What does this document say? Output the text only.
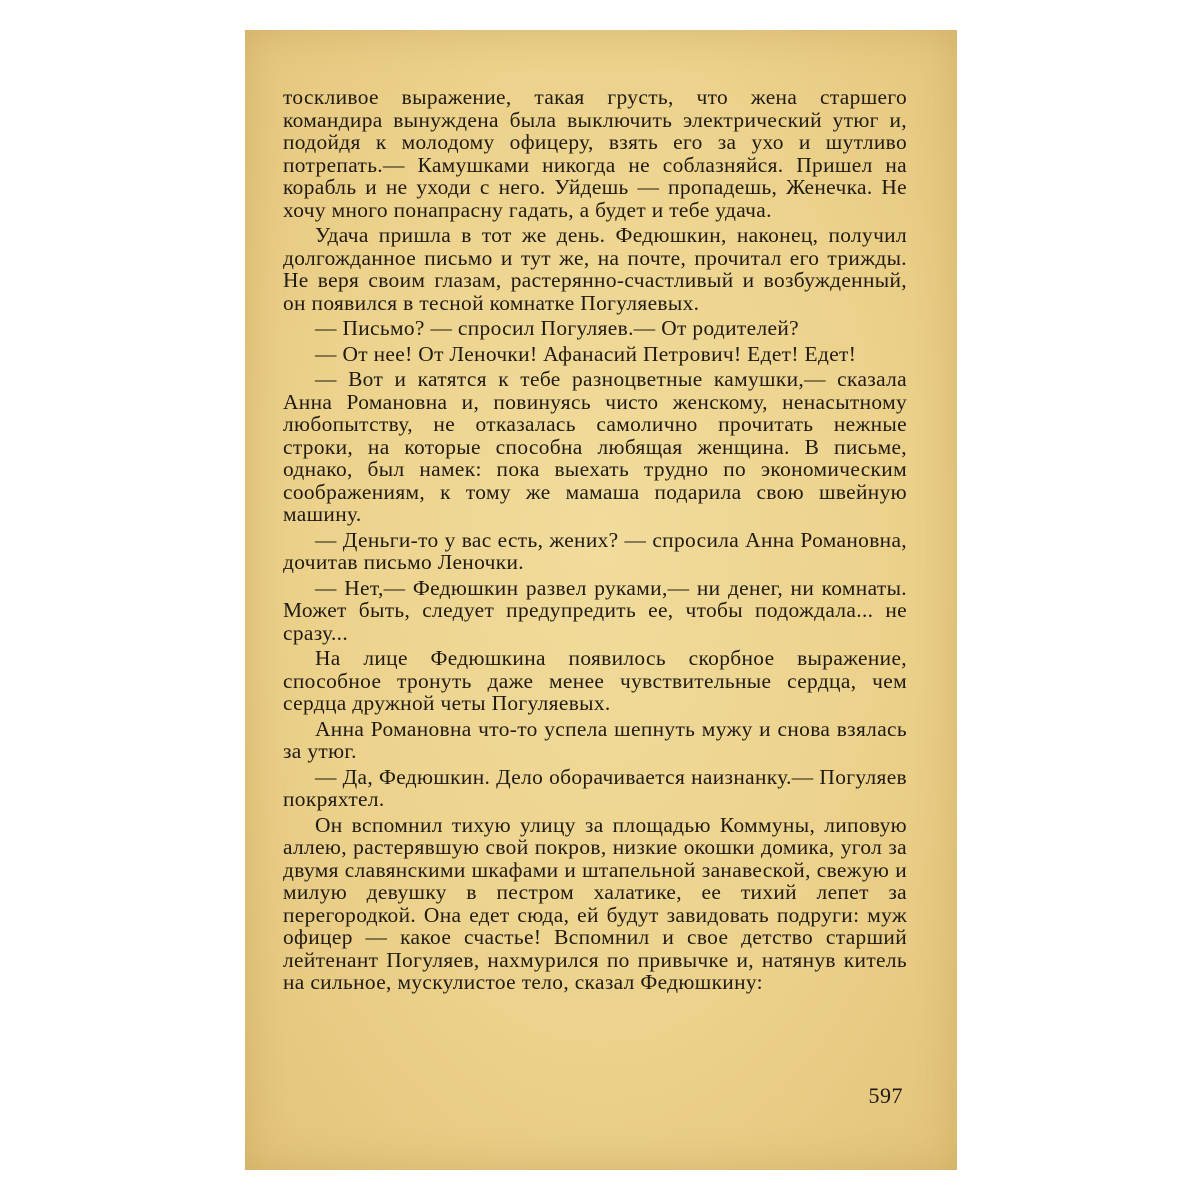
тоскливое выражение, такая грусть, что жена старшего командира вынуждена была выключить электрический утюг и, подойдя к молодому офицеру, взять его за ухо и шутливо потрепать.— Камушками никогда не соблазняйся. Пришел на корабль и не уходи с него. Уйдешь — пропадешь, Женечка. Не хочу много понапрасну гадать, а будет и тебе удача.

Удача пришла в тот же день. Федюшкин, наконец, получил долгожданное письмо и тут же, на почте, прочитал его трижды. Не веря своим глазам, растерянно-счастливый и возбужденный, он появился в тесной комнатке Погуляевых.

— Письмо? — спросил Погуляев.— От родителей?

— От нее! От Леночки! Афанасий Петрович! Едет! Едет!

— Вот и катятся к тебе разноцветные камушки,— сказала Анна Романовна и, повинуясь чисто женскому, ненасытному любопытству, не отказалась самолично прочитать нежные строки, на которые способна любящая женщина. В письме, однако, был намек: пока выехать трудно по экономическим соображениям, к тому же мамаша подарила свою швейную машину.

— Деньги-то у вас есть, жених? — спросила Анна Романовна, дочитав письмо Леночки.

— Нет,— Федюшкин развел руками,— ни денег, ни комнаты. Может быть, следует предупредить ее, чтобы подождала... не сразу...

На лице Федюшкина появилось скорбное выражение, способное тронуть даже менее чувствительные сердца, чем сердца дружной четы Погуляевых.

Анна Романовна что-то успела шепнуть мужу и снова взялась за утюг.

— Да, Федюшкин. Дело оборачивается наизнанку.— Погуляев покряхтел.

Он вспомнил тихую улицу за площадью Коммуны, липовую аллею, растерявшую свой покров, низкие окошки домика, угол за двумя славянскими шкафами и штапельной занавеской, свежую и милую девушку в пестром халатике, ее тихий лепет за перегородкой. Она едет сюда, ей будут завидовать подруги: муж офицер — какое счастье! Вспомнил и свое детство старший лейтенант Погуляев, нахмурился по привычке и, натянув китель на сильное, мускулистое тело, сказал Федюшкину:

597
